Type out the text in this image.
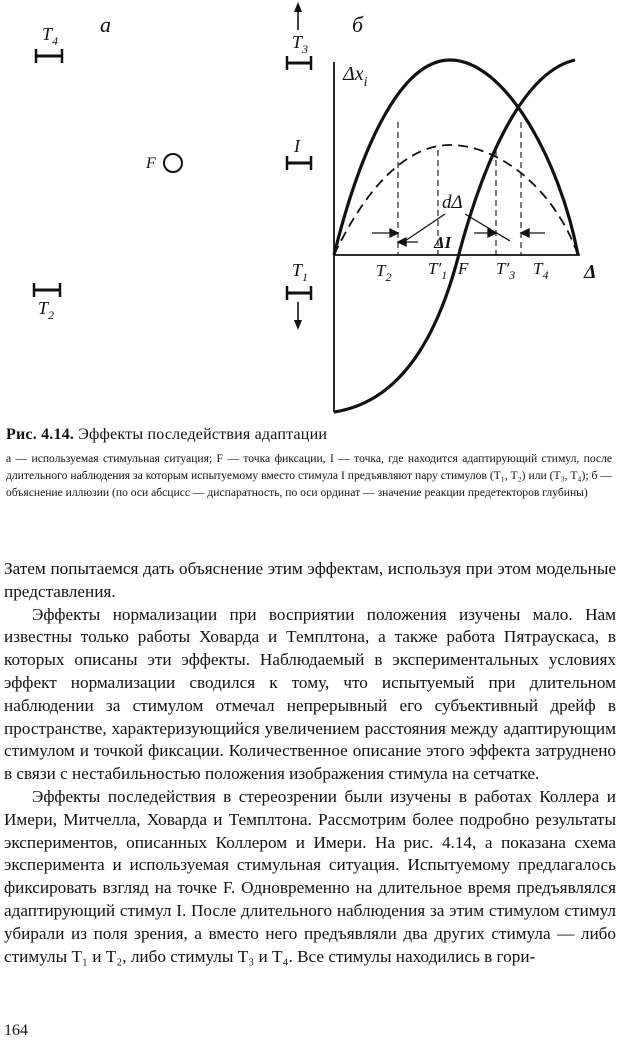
а
$T_4$
F
$T_2$
б
$T_3$
I
$T_1$
$\Delta x_i$
Δ
dΔ
ΔI
$T_2$ $T'_1$ F $T'_3$ $T_4$
Рис. 4.14. Эффекты последействия адаптации
а — используемая стимульная ситуация; F — точка фиксации, I — точка, где находится адаптирующий стимул, после длительного наблюдения за которым испытуемому вместо стимула I предъявляют пару стимулов (T₁, T₂) или (T₃, T₄); б — объяснение иллюзии (по оси абсцисс — диспаратность, по оси ординат — значение реакции предетекторов глубины)

Затем попытаемся дать объяснение этим эффектам, используя при этом модельные представления.

Эффекты нормализации при восприятии положения изучены мало. Нам известны только работы Ховарда и Темплтона, а также работа Пятраускаса, в которых описаны эти эффекты. Наблюдаемый в экспериментальных условиях эффект нормализации сводился к тому, что испытуемый при длительном наблюдении за стимулом отмечал непрерывный его субъективный дрейф в пространстве, характеризующийся увеличением расстояния между адаптирующим стимулом и точкой фиксации. Количественное описание этого эффекта затруднено в связи с нестабильностью положения изображения стимула на сетчатке.

Эффекты последействия в стереозрении были изучены в работах Коллера и Имери, Митчелла, Ховарда и Темплтона. Рассмотрим более подробно результаты экспериментов, описанных Коллером и Имери. На рис. 4.14, а показана схема эксперимента и используемая стимульная ситуация. Испытуемому предлагалось фиксировать взгляд на точке F. Одновременно на длительное время предъявлялся адаптирующий стимул I. После длительного наблюдения за этим стимулом стимул убирали из поля зрения, а вместо него предъявляли два других стимула — либо стимулы T₁ и T₂, либо стимулы T₃ и T₄. Все стимулы находились в гори-

164
